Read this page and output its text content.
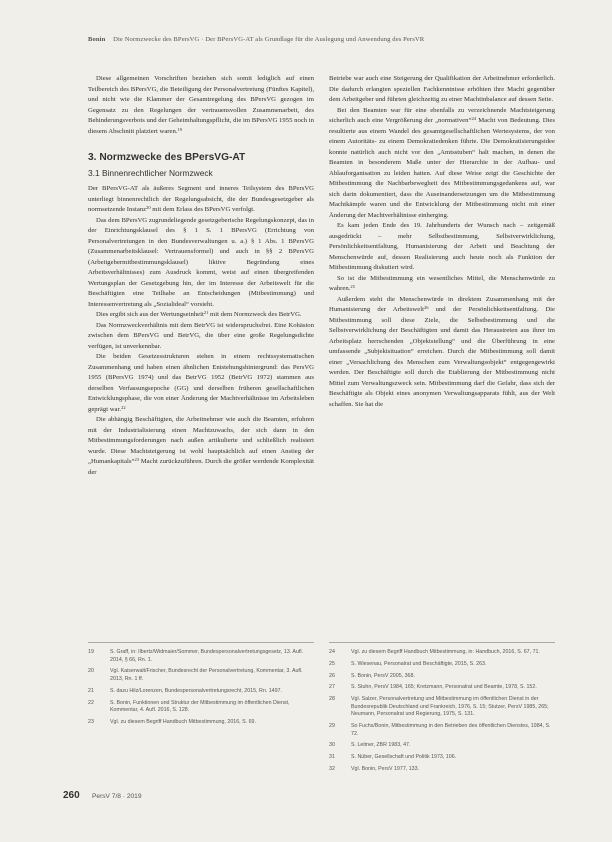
Bonin Die Normzwecke des BPersVG · Der BPersVG-AT als Grundlage für die Auslegung und Anwendung des PersVR

Diese allgemeinen Vorschriften beziehen sich somit lediglich auf einen Teilbereich des BPersVG, die Beteiligung der Personalvertretung (Fünftes Kapitel), und nicht wie die Klammer der Gesamtregelung des BPersVG gezogen im Gegensatz zu den Regelungen der vertrauensvollen Zusammenarbeit, des Behinderungsverbots und der Geheimhaltungspflicht, die im BPersVG 1955 noch in diesem Abschnitt platziert waren.$^{19}$

3. Normzwecke des BPersVG-AT
3.1 Binnenrechtlicher Normzweck

Der BPersVG-AT als äußeres Segment und inneres Teilsystem des BPersVG unterliegt binnenrechtlich der Regelungsabsicht, die der Bundesgesetzgeber als normsetzende Instanz$^{20}$ mit dem Erlass des BPersVG verfolgt.

Das dem BPersVG zugrundeliegende gesetzgeberische Regelungskonzept, das in der Einrichtungsklausel des § 1 S. 1 BPersVG (Errichtung von Personalvertretungen in den Bundesverwaltungen u. a.) § 1 Abs. 1 BPersVG (Zusammenarbeitsklausel: Vertrauensformel) und auch in §§ 2 BPersVG (Arbeitgebermitbestimmungsklausel) liktive Begründung eines Arbeitsverhältnisses) zum Ausdruck kommt, weist auf einen übergreifenden Wertungsplan der Gesetzgebung hin, der im Interesse der Arbeitswelt für die Beschäftigten eine Teilhabe an Entscheidungen (Mitbestimmung) und Interessenvertretung als „Sozialideal“ vorsieht.

Dies ergibt sich aus der Wertungseinheit$^{21}$ mit dem Normzweck des BetrVG.

Das Normzweckverhältnis mit dem BetrVG ist widerspruchsfrei. Eine Kohäsion zwischen dem BPersVG und BetrVG, die über eine große Regelungsdichte verfügen, ist unverkennbar.

Die beiden Gesetzesstrukturen stehen in einem rechtssystematischen Zusammenhang und haben einen ähnlichen Entstehungshintergrund: das PersVG 1955 (BPersVG 1974) und das BetrVG 1952 (BetrVG 1972) stammen aus derselben Verfassungsepoche (GG) und derselben früheren gesellschaftlichen Entwicklungsphase, die von einer Änderung der Machtverhältnisse im Arbeitsleben geprägt war.$^{22}$

Die abhängig Beschäftigten, die Arbeitnehmer wie auch die Beamten, erfuhren mit der Industrialisierung einen Machtzuwachs, der sich dann in den Mitbestimmungsforderungen nach außen artikulierte und schließlich realisiert wurde. Diese Machtsteigerung ist wohl hauptsächlich auf einen Anstieg der „Humankapitals“$^{23}$ Macht zurückzuführen. Durch die größer werdende Komplexität der

Betriebe war auch eine Steigerung der Qualifikation der Arbeitnehmer erforderlich. Die dadurch erlangten speziellen Fachkenntnisse erhöhten ihre Macht gegenüber dem Arbeitgeber und führten gleichzeitig zu einer Machtinbalance auf dessen Seite.

Bei den Beamten war für eine ebenfalls zu verzeichnende Machtsteigerung sicherlich auch eine Vergrößerung der „normativen“$^{24}$ Macht von Bedeutung. Dies resultierte aus einem Wandel des gesamtgesellschaftlichen Wertesystems, der von einem Autoritäts- zu einem Demokratiedenken führte. Die Demokratisierungsidee konnte natürlich auch nicht vor den „Amtsstuben“ halt machen, in denen die Beamten in besonderem Maße unter der Hierarchie in der Aufbau- und Ablauforganisation zu leiden hatten. Auf diese Weise zeigt die Geschichte der Mitbestimmung die Nachbarbewegheit des Mitbestimmungsgedankens auf, war sich darin dokumentiert, dass die Auseinandersetzungen um die Mitbestimmung Machtkämpfe waren und die Entwicklung der Mitbestimmung nicht mit einer Änderung der Machtverhältnisse einherging.

Es kam jeden Ende des 19. Jahrhunderts der Wunsch nach – zeitgemäß ausgedrückt – mehr Selbstbestimmung, Selbstverwirklichung, Persönlichkeitsentfaltung, Humanisierung der Arbeit und Beachtung der Menschenwürde auf, dessen Realisierung auch heute noch als Funktion der Mitbestimmung diskutiert wird.

So ist die Mitbestimmung ein wesentliches Mittel, die Menschenwürde zu wahren.$^{25}$

Außerdem steht die Menschenwürde in direktem Zusammenhang mit der Humanisierung der Arbeitswelt$^{26}$ und der Persönlichkeitsentfaltung. Die Mitbestimmung soll diese Ziele, die Selbstbestimmung und die Selbstverwirklichung der Beschäftigten und damit das Heraustreten aus ihrer im Arbeitsplatz herrschenden „Objektstellung“ und die Überführung in eine umfassende „Subjektsituation“ erreichen. Durch die Mitbestimmung soll damit einer „Versachlichung des Menschen zum Verwaltungsobjekt“ entgegengewirkt werden. Der Beschäftigte soll durch die Etablierung der Mitbestimmung nicht Mittel zum Verwaltungszweck sein. Mitbestimmung darf die Gefahr, dass sich der Beschäftigte als Objekt eines anonymen Verwaltungsapparats fühlt, aus der Welt schaffen. Sie hat die

19	S. Graff, in: Ilbertz/Widmaier/Sommer, Bundespersonalvertretungsgesetz, 13. Aufl. 2014, § 66, Rn. 1.
20	Vgl. Kaiserwalt/Frischer, Bundesrecht der Personalvertretung, Kommentar, 3. Aufl. 2013, Rn. 1 ff.
21	S. dazu Hilz/Lorenzen, Bundespersonalvertretungsrecht, 2015, Rn. 1497.
22	S. Bonin, Funktionen und Struktur der Mitbestimmung im öffentlichen Dienst, Kommentar, 4. Aufl. 2016, S. 128.
23	Vgl. zu diesem Begriff Handbuch Mitbestimmung, 2016, S. 69.
24	Vgl. zu diesem Begriff Handbuch Mitbestimmung, in: Handbuch, 2016, S. 67, 71.
25	S. Wiesenau, Personalrat und Beschäftigte, 2015, S. 263.
26	S. Bonin, PersV 2005, 368.
27	S. Stuhn, PersV 1984, 165; Kretzmann, Personalrat und Beamte, 1978, S. 152.
28	Vgl. Salzer, Personalvertretung und Mitbestimmung im öffentlichen Dienst in der Bundesrepublik Deutschland und Frankreich, 1976, S. 15; Stutzer, PersV 1985, 265; Neumann, Personalrat und Regierung, 1975, S. 131.
29	So Fuchs/Bonin, Mitbestimmung in den Betrieben des öffentlichen Dienstes, 1984, S. 72.
30	S. Leitner, ZBR 1983, 47.
31	S. Nüber, Gesellschaft und Politik 1973, 106.
32	Vgl. Bonin, PersV 1977, 133.
260 PersV 7/8 · 2019
